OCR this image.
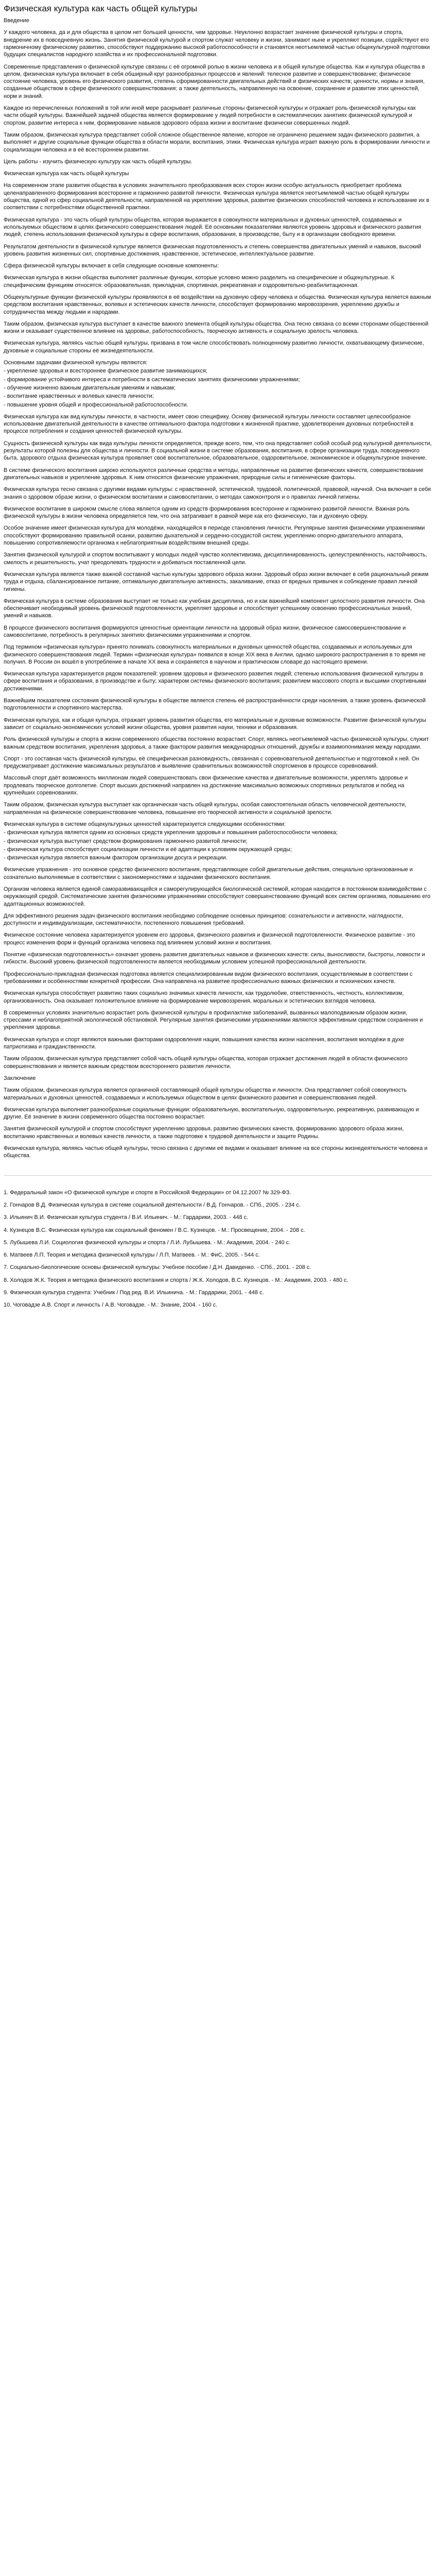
Физическая культура как часть общей культуры

Введение

У каждого человека, да и для общества в целом нет большей ценности, чем здоровье. Неуклонно возрастает значение физической культуры и спорта, внедрение их в повседневную жизнь. Занятия физической культурой и спортом служат человеку и жизни, занимают ныне и укрепляют позиции, содействуют его гармоничному физическому развитию, способствуют поддержанию высокой работоспособности и становятся неотъемлемой частью общекультурной подготовки будущих специалистов народного хозяйства и их профессиональной подготовки.

Современные представления о физической культуре связаны с её огромной ролью в жизни человека и в общей культуре общества. Как и культура общества в целом, физическая культура включает в себя обширный круг разнообразных процессов и явлений: телесное развитие и совершенствование; физическое состояние человека, уровень его физического развития, степень сформированности двигательных действий и физических качеств; ценности, нормы и знания, созданные обществом в сфере физического совершенствования; а также деятельность, направленную на освоение, сохранение и развитие этих ценностей, норм и знаний.

Каждое из перечисленных положений в той или иной мере раскрывает различные стороны физической культуры и отражает роль физической культуры как части общей культуры. Важнейшей задачей общества является формирование у людей потребности в систематических занятиях физической культурой и спортом, развитие интереса к ним, формирование навыков здорового образа жизни и воспитание физически совершенных людей.

Таким образом, физическая культура представляет собой сложное общественное явление, которое не ограничено решением задач физического развития, а выполняет и другие социальные функции общества в области морали, воспитания, этики. Физическая культура играет важную роль в формировании личности и социализации человека и в её всестороннем развитии.

Цель работы - изучить физическую культуру как часть общей культуры.

Физическая культура как часть общей культуры

На современном этапе развития общества в условиях значительного преобразования всех сторон жизни особую актуальность приобретает проблема целенаправленного формирования всесторонне и гармонично развитой личности. Физическая культура является неотъемлемой частью общей культуры общества, одной из сфер социальной деятельности, направленной на укрепление здоровья, развитие физических способностей человека и использование их в соответствии с потребностями общественной практики.

Физическая культура - это часть общей культуры общества, которая выражается в совокупности материальных и духовных ценностей, создаваемых и используемых обществом в целях физического совершенствования людей. Её основными показателями являются уровень здоровья и физического развития людей, степень использования физической культуры в сфере воспитания, образования, в производстве, быту и в организации свободного времени.

Результатом деятельности в физической культуре является физическая подготовленность и степень совершенства двигательных умений и навыков, высокий уровень развития жизненных сил, спортивные достижения, нравственное, эстетическое, интеллектуальное развитие.

Сфера физической культуры включает в себя следующие основные компоненты:

Физическая культура в жизни общества выполняет различные функции, которые условно можно разделить на специфические и общекультурные. К специфическим функциям относятся: образовательная, прикладная, спортивная, рекреативная и оздоровительно-реабилитационная.

Общекультурные функции физической культуры проявляются в её воздействии на духовную сферу человека и общества. Физическая культура является важным средством воспитания нравственных, волевых и эстетических качеств личности, способствует формированию мировоззрения, укреплению дружбы и сотрудничества между людьми и народами.

Таким образом, физическая культура выступает в качестве важного элемента общей культуры общества. Она тесно связана со всеми сторонами общественной жизни и оказывает существенное влияние на здоровье, работоспособность, творческую активность и социальную зрелость человека.

Физическая культура, являясь частью общей культуры, призвана в том числе способствовать полноценному развитию личности, охватывающему физические, духовные и социальные стороны её жизнедеятельности.

Основными задачами физической культуры являются:

- укрепление здоровья и всестороннее физическое развитие занимающихся;

- формирование устойчивого интереса и потребности в систематических занятиях физическими упражнениями;

- обучение жизненно важным двигательным умениям и навыкам;

- воспитание нравственных и волевых качеств личности;

- повышение уровня общей и профессиональной работоспособности.

Физическая культура как вид культуры личности, в частности, имеет свою специфику. Основу физической культуры личности составляет целесообразное использование двигательной деятельности в качестве оптимального фактора подготовки к жизненной практике, удовлетворения духовных потребностей в процессе потребления и создания ценностей физической культуры.

Сущность физической культуры как вида культуры личности определяется, прежде всего, тем, что она представляет собой особый род культурной деятельности, результаты которой полезны для общества и личности. В социальной жизни в системе образования, воспитания, в сфере организации труда, повседневного быта, здорового отдыха физическая культура проявляет своё воспитательное, образовательное, оздоровительное, экономическое и общекультурное значение.

В системе физического воспитания широко используются различные средства и методы, направленные на развитие физических качеств, совершенствование двигательных навыков и укрепление здоровья. К ним относятся физические упражнения, природные силы и гигиенические факторы.

Физическая культура тесно связана с другими видами культуры: с нравственной, эстетической, трудовой, политической, правовой, научной. Она включает в себя знания о здоровом образе жизни, о физическом воспитании и самовоспитании, о методах самоконтроля и о правилах личной гигиены.

Физическое воспитание в широком смысле слова является одним из средств формирования всесторонне и гармонично развитой личности. Важная роль физической культуры в жизни человека определяется тем, что она затрагивает в равной мере как его физическую, так и духовную сферу.

Особое значение имеет физическая культура для молодёжи, находящейся в периоде становления личности. Регулярные занятия физическими упражнениями способствуют формированию правильной осанки, развитию дыхательной и сердечно-сосудистой систем, укреплению опорно-двигательного аппарата, повышению сопротивляемости организма к неблагоприятным воздействиям внешней среды.

Занятия физической культурой и спортом воспитывают у молодых людей чувство коллективизма, дисциплинированность, целеустремлённость, настойчивость, смелость и решительность, учат преодолевать трудности и добиваться поставленной цели.

Физическая культура является также важной составной частью культуры здорового образа жизни. Здоровый образ жизни включает в себя рациональный режим труда и отдыха, сбалансированное питание, оптимальную двигательную активность, закаливание, отказ от вредных привычек и соблюдение правил личной гигиены.

Физическая культура в системе образования выступает не только как учебная дисциплина, но и как важнейший компонент целостного развития личности. Она обеспечивает необходимый уровень физической подготовленности, укрепляет здоровье и способствует успешному освоению профессиональных знаний, умений и навыков.

В процессе физического воспитания формируются ценностные ориентации личности на здоровый образ жизни, физическое самосовершенствование и самовоспитание, потребность в регулярных занятиях физическими упражнениями и спортом.

Под термином «физическая культура» принято понимать совокупность материальных и духовных ценностей общества, создаваемых и используемых для физического совершенствования людей. Термин «физическая культура» появился в конце XIX века в Англии, однако широкого распространения в то время не получил. В России он вошёл в употребление в начале XX века и сохраняется в научном и практическом словаре до настоящего времени.

Физическая культура характеризуется рядом показателей: уровнем здоровья и физического развития людей; степенью использования физической культуры в сфере воспитания и образования, в производстве и быту; характером системы физического воспитания; развитием массового спорта и высшими спортивными достижениями.

Важнейшим показателем состояния физической культуры в обществе является степень её распространённости среди населения, а также уровень физической подготовленности и спортивного мастерства.

Физическая культура, как и общая культура, отражает уровень развития общества, его материальные и духовные возможности. Развитие физической культуры зависит от социально-экономических условий жизни общества, уровня развития науки, техники и образования.

Роль физической культуры и спорта в жизни современного общества постоянно возрастает. Спорт, являясь неотъемлемой частью физической культуры, служит важным средством воспитания, укрепления здоровья, а также фактором развития международных отношений, дружбы и взаимопонимания между народами.

Спорт - это составная часть физической культуры, её специфическая разновидность, связанная с соревновательной деятельностью и подготовкой к ней. Он предусматривает достижение максимальных результатов и выявление сравнительных возможностей спортсменов в процессе соревнований.

Массовый спорт даёт возможность миллионам людей совершенствовать свои физические качества и двигательные возможности, укреплять здоровье и продлевать творческое долголетие. Спорт высших достижений направлен на достижение максимально возможных спортивных результатов и побед на крупнейших соревнованиях.

Таким образом, физическая культура выступает как органическая часть общей культуры, особая самостоятельная область человеческой деятельности, направленная на физическое совершенствование человека, повышение его творческой активности и социальной зрелости.

Физическая культура в системе общекультурных ценностей характеризуется следующими особенностями:

- физическая культура является одним из основных средств укрепления здоровья и повышения работоспособности человека;

- физическая культура выступает средством формирования гармонично развитой личности;

- физическая культура способствует социализации личности и её адаптации к условиям окружающей среды;

- физическая культура является важным фактором организации досуга и рекреации.

Физические упражнения - это основное средство физического воспитания, представляющее собой двигательные действия, специально организованные и сознательно выполняемые в соответствии с закономерностями и задачами физического воспитания.

Организм человека является единой саморазвивающейся и саморегулирующейся биологической системой, которая находится в постоянном взаимодействии с окружающей средой. Систематические занятия физическими упражнениями способствуют совершенствованию функций всех систем организма, повышению его адаптационных возможностей.

Для эффективного решения задач физического воспитания необходимо соблюдение основных принципов: сознательности и активности, наглядности, доступности и индивидуализации, систематичности, постепенного повышения требований.

Физическое состояние человека характеризуется уровнем его здоровья, физического развития и физической подготовленности. Физическое развитие - это процесс изменения форм и функций организма человека под влиянием условий жизни и воспитания.

Понятие «физическая подготовленность» означает уровень развития двигательных навыков и физических качеств: силы, выносливости, быстроты, ловкости и гибкости. Высокий уровень физической подготовленности является необходимым условием успешной профессиональной деятельности.

Профессионально-прикладная физическая подготовка является специализированным видом физического воспитания, осуществляемым в соответствии с требованиями и особенностями конкретной профессии. Она направлена на развитие профессионально важных физических и психических качеств.

Физическая культура способствует развитию таких социально значимых качеств личности, как трудолюбие, ответственность, честность, коллективизм, организованность. Она оказывает положительное влияние на формирование мировоззрения, моральных и эстетических взглядов человека.

В современных условиях значительно возрастает роль физической культуры в профилактике заболеваний, вызванных малоподвижным образом жизни, стрессами и неблагоприятной экологической обстановкой. Регулярные занятия физическими упражнениями являются эффективным средством сохранения и укрепления здоровья.

Физическая культура и спорт являются важными факторами оздоровления нации, повышения качества жизни населения, воспитания молодёжи в духе патриотизма и гражданственности.

Таким образом, физическая культура представляет собой часть общей культуры общества, которая отражает достижения людей в области физического совершенствования и является важным средством всестороннего развития личности.

Заключение

Таким образом, физическая культура является органичной составляющей общей культуры общества и личности. Она представляет собой совокупность материальных и духовных ценностей, создаваемых и используемых обществом в целях физического развития и совершенствования людей.

Физическая культура выполняет разнообразные социальные функции: образовательную, воспитательную, оздоровительную, рекреативную, развивающую и другие. Её значение в жизни современного общества постоянно возрастает.

Занятия физической культурой и спортом способствуют укреплению здоровья, развитию физических качеств, формированию здорового образа жизни, воспитанию нравственных и волевых качеств личности, а также подготовке к трудовой деятельности и защите Родины.

Физическая культура, являясь частью общей культуры, тесно связана с другими её видами и оказывает влияние на все стороны жизнедеятельности человека и общества.

1. Федеральный закон «О физической культуре и спорте в Российской Федерации» от 04.12.2007 № 329-ФЗ.

2. Гончаров В.Д. Физическая культура в системе социальной деятельности / В.Д. Гончаров. - СПб., 2005. - 234 с.

3. Ильинич В.И. Физическая культура студента / В.И. Ильинич. - М.: Гардарики, 2003. - 448 с.

4. Кузнецов В.С. Физическая культура как социальный феномен / В.С. Кузнецов. - М.: Просвещение, 2004. - 208 с.

5. Лубышева Л.И. Социология физической культуры и спорта / Л.И. Лубышева. - М.: Академия, 2004. - 240 с.

6. Матвеев Л.П. Теория и методика физической культуры / Л.П. Матвеев. - М.: ФиС, 2005. - 544 с.

7. Социально-биологические основы физической культуры: Учебное пособие / Д.Н. Давиденко. - СПб., 2001. - 208 с.

8. Холодов Ж.К. Теория и методика физического воспитания и спорта / Ж.К. Холодов, В.С. Кузнецов. - М.: Академия, 2003. - 480 с.

9. Физическая культура студента: Учебник / Под ред. В.И. Ильинича. - М.: Гардарики, 2001. - 448 с.

10. Чоговадзе А.В. Спорт и личность / А.В. Чоговадзе. - М.: Знание, 2004. - 160 с.
